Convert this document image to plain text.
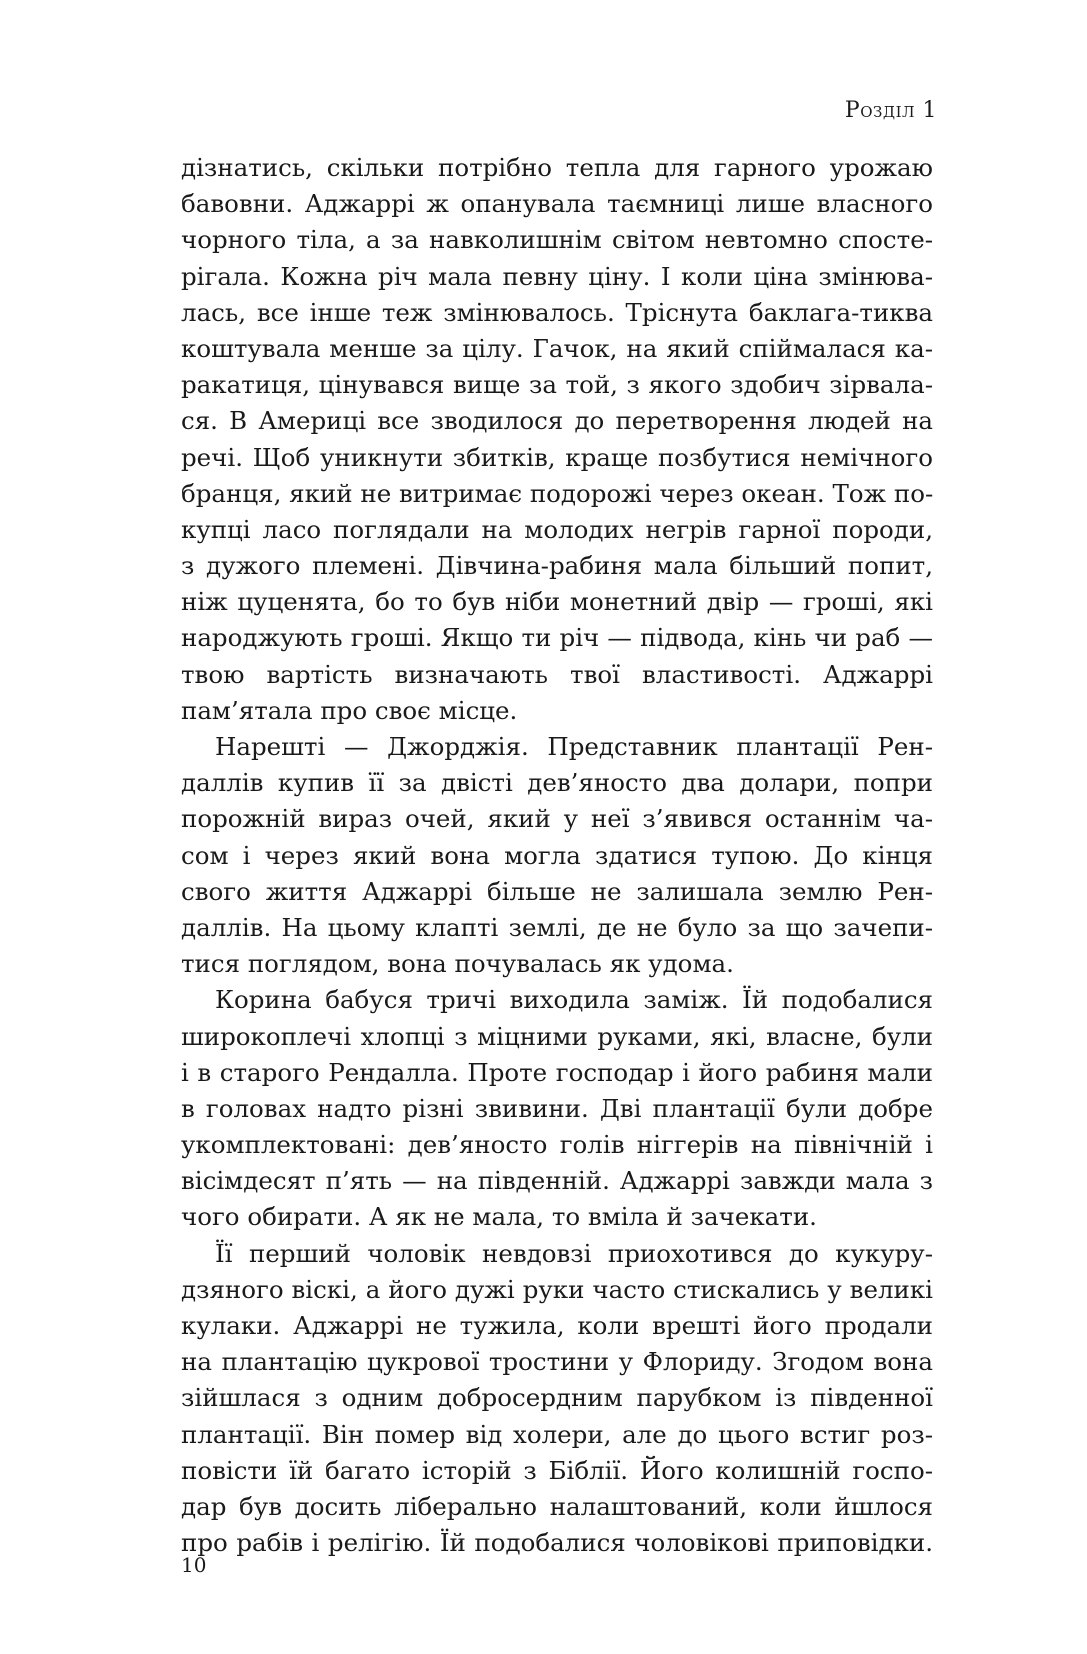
Розділ 1
дізнатись, скільки потрібно тепла для гарного урожаю
бавовни. Аджаррі ж опанувала таємниці лише власного
чорного тіла, а за навколишнім світом невтомно спосте-
рігала. Кожна річ мала певну ціну. І коли ціна змінюва-
лась, все інше теж змінювалось. Тріснута баклага-тиква
коштувала менше за цілу. Гачок, на який спіймалася ка-
ракатиця, цінувався вище за той, з якого здобич зірвала-
ся. В Америці все зводилося до перетворення людей на
речі. Щоб уникнути збитків, краще позбутися немічного
бранця, який не витримає подорожі через океан. Тож по-
купці ласо поглядали на молодих негрів гарної породи,
з дужого племені. Дівчина-рабиня мала більший попит,
ніж цуценята, бо то був ніби монетний двір — гроші, які
народжують гроші. Якщо ти річ — підвода, кінь чи раб —
твою вартість визначають твої властивості. Аджаррі
пам’ятала про своє місце.
Нарешті — Джорджія. Представник плантації Рен-
даллів купив її за двісті дев’яносто два долари, попри
порожній вираз очей, який у неї з’явився останнім ча-
сом і через який вона могла здатися тупою. До кінця
свого життя Аджаррі більше не залишала землю Рен-
даллів. На цьому клапті землі, де не було за що зачепи-
тися поглядом, вона почувалась як удома.
Корина бабуся тричі виходила заміж. Їй подобалися
широкоплечі хлопці з міцними руками, які, власне, були
і в старого Рендалла. Проте господар і його рабиня мали
в головах надто різні звивини. Дві плантації були добре
укомплектовані: дев’яносто голів ніггерів на північній і
вісімдесят п’ять — на південній. Аджаррі завжди мала з
чого обирати. А як не мала, то вміла й зачекати.
Її перший чоловік невдовзі приохотився до кукуру-
дзяного віскі, а його дужі руки часто стискались у великі
кулаки. Аджаррі не тужила, коли врешті його продали
на плантацію цукрової тростини у Флориду. Згодом вона
зійшлася з одним добросердним парубком із південної
плантації. Він помер від холери, але до цього встиг роз-
повісти їй багато історій з Біблії. Його колишній госпо-
дар був досить ліберально налаштований, коли йшлося
про рабів і релігію. Їй подобалися чоловікові приповідки.
10
